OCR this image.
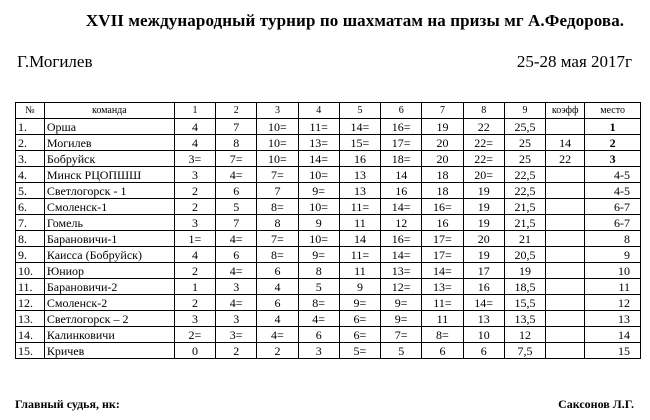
XVII международный турнир по шахматам на призы мг А.Федорова.
Г.Могилев	25-28 мая 2017г
№	команда	1	2	3	4	5	6	7	8	9	коэфф	место
1.	Орша	4	7	10=	11=	14=	16=	19	22	25,5		1
2.	Могилев	4	8	10=	13=	15=	17=	20	22=	25	14	2
3.	Бобруйск	3=	7=	10=	14=	16	18=	20	22=	25	22	3
4.	Минск РЦОПШШ	3	4=	7=	10=	13	14	18	20=	22,5		4-5
5.	Светлогорск - 1	2	6	7	9=	13	16	18	19	22,5		4-5
6.	Смоленск-1	2	5	8=	10=	11=	14=	16=	19	21,5		6-7
7.	Гомель	3	7	8	9	11	12	16	19	21,5		6-7
8.	Барановичи-1	1=	4=	7=	10=	14	16=	17=	20	21		8
9.	Каисса (Бобруйск)	4	6	8=	9=	11=	14=	17=	19	20,5		9
10.	Юниор	2	4=	6	8	11	13=	14=	17	19		10
11.	Барановичи-2	1	3	4	5	9	12=	13=	16	18,5		11
12.	Смоленск-2	2	4=	6	8=	9=	9=	11=	14=	15,5		12
13.	Светлогорск – 2	3	3	4	4=	6=	9=	11	13	13,5		13
14.	Калинковичи	2=	3=	4=	6	6=	7=	8=	10	12		14
15.	Кричев	0	2	2	3	5=	5	6	6	7,5		15
Главный судья, нк:	Саксонов Л.Г.
